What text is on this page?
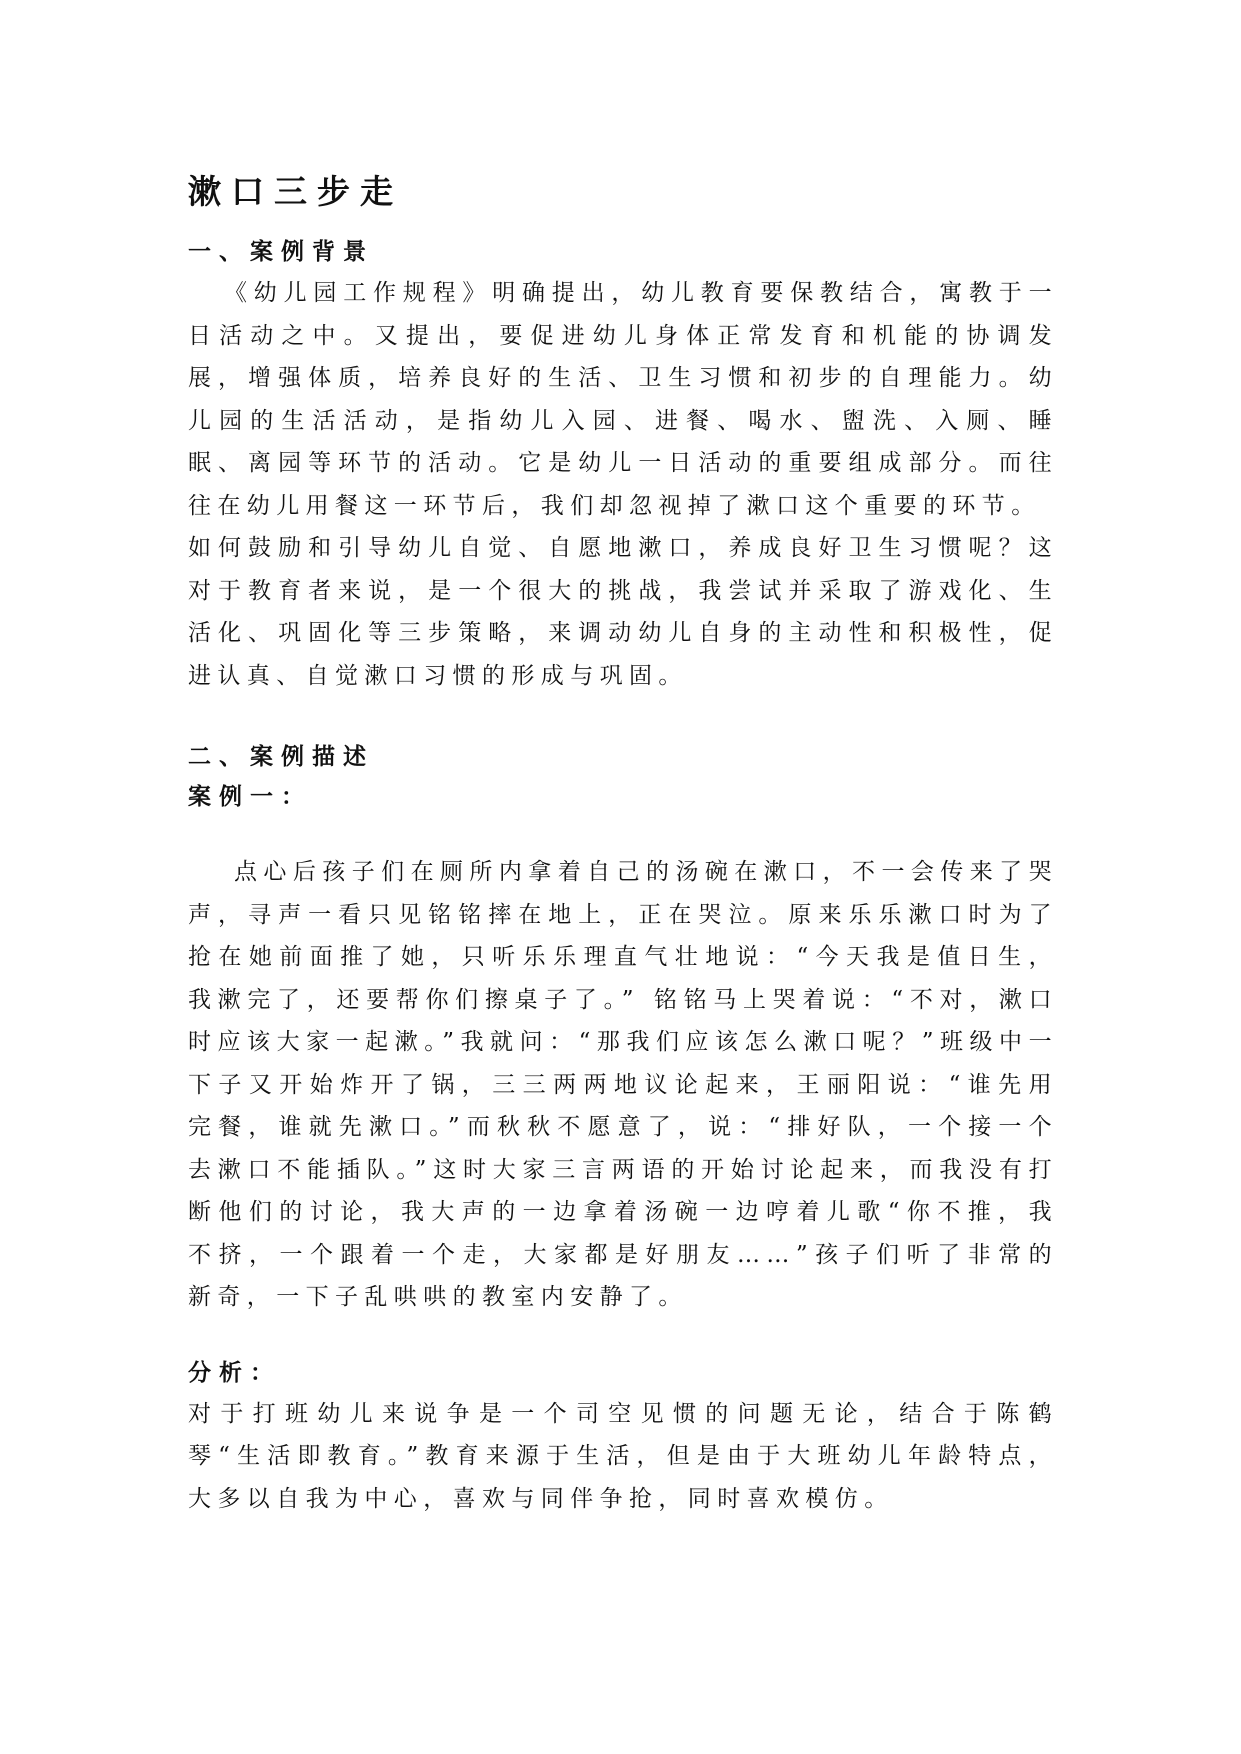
漱口三步走
一、案例背景

《幼儿园工作规程》明确提出，幼儿教育要保教结合，寓教于一日活动之中。又提出，要促进幼儿身体正常发育和机能的协调发展，增强体质，培养良好的生活、卫生习惯和初步的自理能力。幼儿园的生活活动，是指幼儿入园、进餐、喝水、盥洗、入厕、睡眠、离园等环节的活动。它是幼儿一日活动的重要组成部分。而往往在幼儿用餐这一环节后，我们却忽视掉了漱口这个重要的环节。

如何鼓励和引导幼儿自觉、自愿地漱口，养成良好卫生习惯呢？这对于教育者来说，是一个很大的挑战，我尝试并采取了游戏化、生活化、巩固化等三步策略，来调动幼儿自身的主动性和积极性，促进认真、自觉漱口习惯的形成与巩固。

二、案例描述
案例一：

点心后孩子们在厕所内拿着自己的汤碗在漱口，不一会传来了哭声，寻声一看只见铭铭摔在地上，正在哭泣。原来乐乐漱口时为了抢在她前面推了她，只听乐乐理直气壮地说：“今天我是值日生，我漱完了，还要帮你们擦桌子了。” 铭铭马上哭着说：“不对，漱口时应该大家一起漱。”我就问：“那我们应该怎么漱口呢？”班级中一下子又开始炸开了锅，三三两两地议论起来，王丽阳说：“谁先用完餐，谁就先漱口。”而秋秋不愿意了，说：“排好队，一个接一个去漱口不能插队。”这时大家三言两语的开始讨论起来，而我没有打断他们的讨论，我大声的一边拿着汤碗一边哼着儿歌“你不推，我不挤，一个跟着一个走，大家都是好朋友……”孩子们听了非常的新奇，一下子乱哄哄的教室内安静了。

分析：

对于打班幼儿来说争是一个司空见惯的问题无论，结合于陈鹤琴“生活即教育。”教育来源于生活，但是由于大班幼儿年龄特点，大多以自我为中心，喜欢与同伴争抢，同时喜欢模仿。
